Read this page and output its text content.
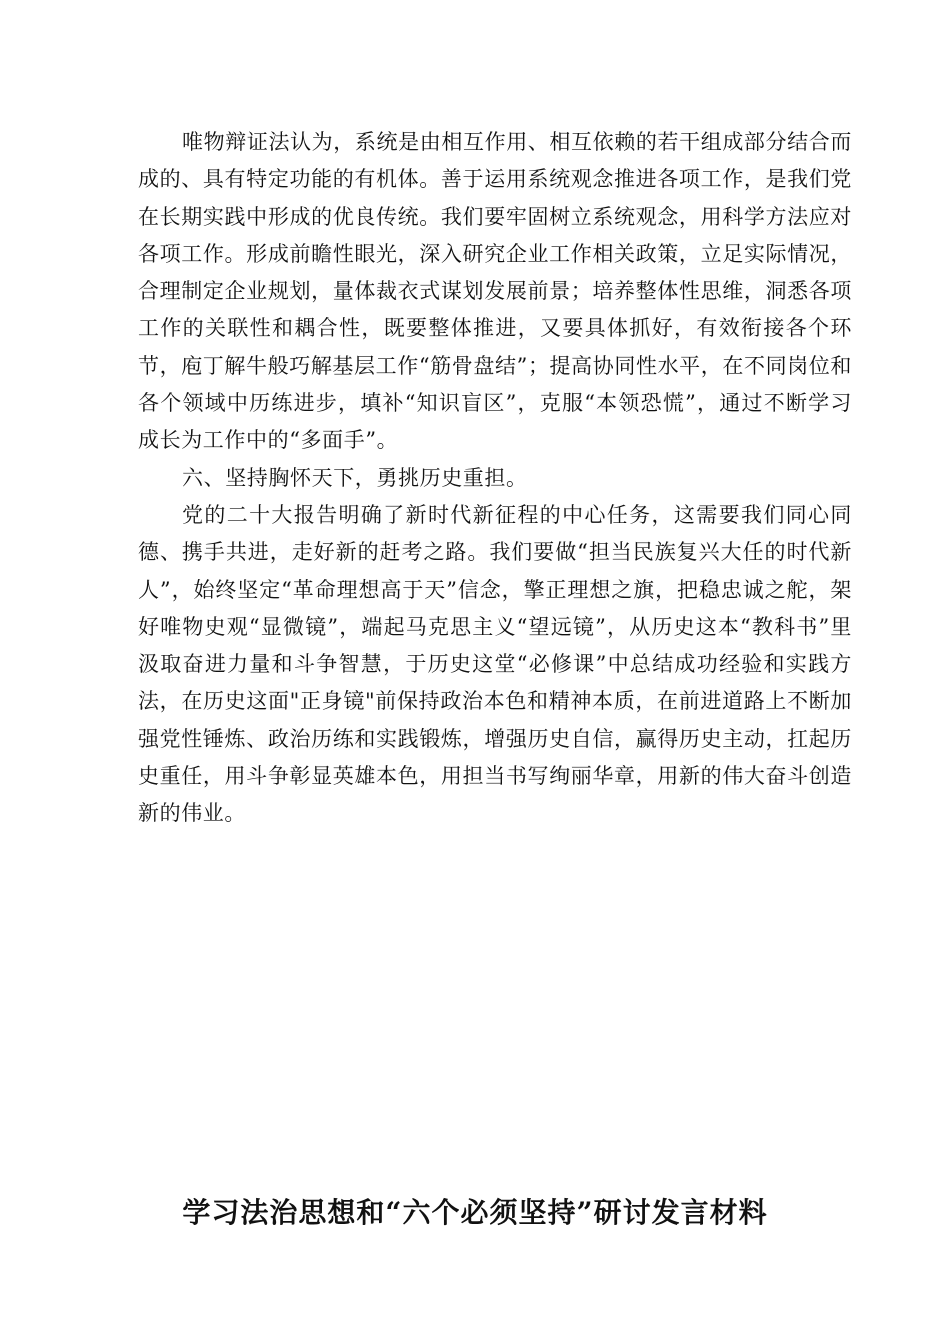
唯物辩证法认为，系统是由相互作用、相互依赖的若干组成部分结合而成的、具有特定功能的有机体。善于运用系统观念推进各项工作，是我们党在长期实践中形成的优良传统。我们要牢固树立系统观念，用科学方法应对各项工作。形成前瞻性眼光，深入研究企业工作相关政策，立足实际情况，合理制定企业规划，量体裁衣式谋划发展前景；培养整体性思维，洞悉各项工作的关联性和耦合性，既要整体推进，又要具体抓好，有效衔接各个环节，庖丁解牛般巧解基层工作“筋骨盘结”；提高协同性水平，在不同岗位和各个领域中历练进步，填补“知识盲区”，克服“本领恐慌”，通过不断学习成长为工作中的“多面手”。

六、坚持胸怀天下，勇挑历史重担。

党的二十大报告明确了新时代新征程的中心任务，这需要我们同心同德、携手共进，走好新的赶考之路。我们要做“担当民族复兴大任的时代新人”，始终坚定“革命理想高于天”信念，擎正理想之旗，把稳忠诚之舵，架好唯物史观“显微镜”，端起马克思主义“望远镜”，从历史这本“教科书”里汲取奋进力量和斗争智慧，于历史这堂“必修课”中总结成功经验和实践方法，在历史这面"正身镜"前保持政治本色和精神本质，在前进道路上不断加强党性锤炼、政治历练和实践锻炼，增强历史自信，赢得历史主动，扛起历史重任，用斗争彰显英雄本色，用担当书写绚丽华章，用新的伟大奋斗创造新的伟业。

学习法治思想和“六个必须坚持”研讨发言材料
